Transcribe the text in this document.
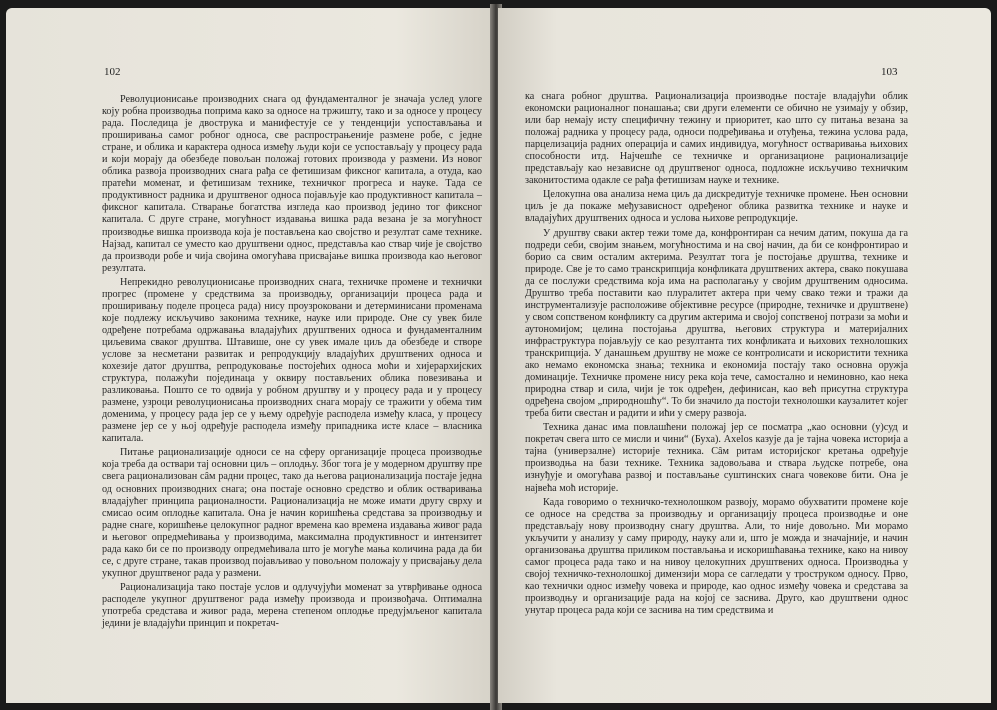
102

Револуционисање производних снага од фундаменталног је значаја услед улоге коју робна производња поприма како за односе на тржишту, тако и за односе у процесу рада. Последица је двострука и манифестује се у тенденцији успостављања и проширивања самог робног односа, све распрострањеније размене робе, с једне стране, и облика и карактера односа између људи који се успостављају у процесу рада и који морају да обезбеде повољан положај готових производа у размени. Из новог облика развоја производних снага рађа се фетишизам фиксног капитала, а отуда, као пратећи моменат, и фетишизам технике, техничког прогреса и науке. Тада се продуктивност радника и друштвеног односа појављује као продуктивност капитала – фиксног капитала. Стварање богатства изгледа као производ једино тог фиксног капитала. С друге стране, могућност издавања вишка рада везана је за могућност производње вишка производа која је постављена као својство и резултат саме технике. Најзад, капитал се уместо као друштвени однос, представља као ствар чије је својство да производи робе и чија својина омогућава присвајање вишка производа као његовог резултата.

Непрекидно револуционисање производних снага, техничке промене и технички прогрес (промене у средствима за производњу, организацији процеса рада и проширивању поделе процеса рада) нису проузроковани и детерминисани променама које подлежу искључиво законима технике, науке или природе. Оне су увек биле одређене потребама одржавања владајућих друштвених односа и фундаменталним циљевима сваког друштва. Штавише, оне су увек имале циљ да обезбеде и створе услове за несметани развитак и репродукцију владајућих друштвених односа и кохезије датог друштва, репродуковање постојећих односа моћи и хијерархијских структура, полажући појединаца у оквиру постављених облика повезивања и разликовања. Пошто се то одвија у робном друштву и у процесу рада и у процесу размене, узроци револуционисања производних снага морају се тражити у обема тим доменима, у процесу рада јер се у њему одређује расподела између класа, у процесу размене јер се у њој одређује расподела између припадника исте класе – власника капитала.

Питање рационализације односи се на сферу организације процеса производње која треба да оствари тај основни циљ – оплодњу. Због тога је у модерном друштву пре свега рационализован сâм радни процес, тако да његова рационализација постаје једна од основних производних снага; она постаје основно средство и облик остваривања владајућег принципа рационалности. Рационализација не може имати другу сврху и смисао осим оплодње капитала. Она је начин коришћења средстава за производњу и радне снаге, коришћење целокупног радног времена као времена издавања живог рада и његовог опредмећивања у производима, максимална продуктивност и интензитет рада како би се по производу опредмећивала што је могуће мања количина рада да би се, с друге стране, такав производ појављивао у повољном положају у присвајању дела укупног друштвеног рада у размени.

Рационализација тако постаје услов и одлучујући моменат за утврђивање односа расподеле укупног друштвеног рада између производа и произвођача. Оптимална употреба средстава и живог рада, мерена степеном оплодње предујмљеног капитала једини је владајући принцип и покретач-

103

ка снага робног друштва. Рационализација производње постаје владајући облик економски рационалног понашања; сви други елементи се обично не узимају у обзир, или бар немају исту специфичну тежину и приоритет, као што су питања везана за положај радника у процесу рада, односи подређивања и отуђења, тежина услова рада, парцелизација радних операција и самих индивидуа, могућност остваривања њихових способности итд. Најчешће се техничке и организационе рационализације представљају као независне од друштвеног односа, подложне искључиво техничким законитостима одакле се рађа фетишизам науке и технике.

Целокупна ова анализа нема циљ да дискредитује техничке промене. Њен основни циљ је да покаже међузависност одређеног облика развитка технике и науке и владајућих друштвених односа и услова њихове репродукције.

У друштву сваки актер тежи томе да, конфронтиран са нечим датим, покуша да га подреди себи, својим знањем, могућностима и на свој начин, да би се конфронтирао и борио са свим осталим актерима. Резултат тога је постојање друштва, технике и природе. Све је то само транскрипција конфликата друштвених актера, свако покушава да се послужи средствима која има на располагању у својим друштвеним односима. Друштво треба поставити као плуралитет актера при чему свако тежи и тражи да инструментализује расположиве објективне ресурсе (природне, техничке и друштвене) у свом сопственом конфликту са другим актерима и својој сопственој потрази за моћи и аутономијом; целина постојања друштва, његових структура и материјалних инфраструктура појављују се као резултанта тих конфликата и њихових технолошких транскрипција. У данашњем друштву не може се контролисати и искористити техника ако немамо економска знања; техника и економија постају тако основна оружја доминације. Техничке промене нису река која тече, самостално и неминовно, као нека природна ствар и сила, чији је ток одређен, дефинисан, као већ присутна структура одређена својом „природношћу“. То би значило да постоји технолошки каузалитет којег треба бити свестан и радити и ићи у смеру развоја.

Техника данас има повлашћени положај јер се посматра „као основни (у)суд и покретач свега што се мисли и чини“ (Буха). Axelos казује да је тајна човека историја а тајна (универзалне) историје техника. Сâм ритам историјског кретања одређује производња на бази технике. Техника задовољава и ствара људске потребе, она изнуђује и омогућава развој и постављање суштинских снага човекове бити. Она је највећа моћ историје.

Када говоримо о техничко-технолошком развоју, морамо обухватити промене које се односе на средства за производњу и организацију процеса производње и оне представљају нову производну снагу друштва. Али, то није довољно. Ми морамо укључити у анализу у саму природу, науку али и, што је можда и значајније, и начин организовања друштва приликом постављања и искоришћавања технике, како на нивоу самог процеса рада тако и на нивоу целокупних друштвених односа. Производња у својој техничко-технолошкој димензији мора се сагледати у троструком односу. Прво, као технички однос између човека и природе, као однос између човека и средстава за производњу и организације рада на којој се заснива. Друго, као друштвени однос унутар процеса рада који се заснива на тим средствима и
